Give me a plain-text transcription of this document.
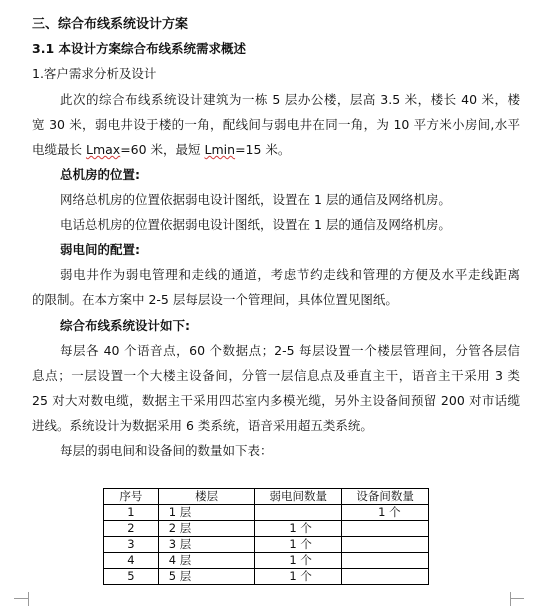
三、综合布线系统设计方案
3.1 本设计方案综合布线系统需求概述
1.客户需求分析及设计
此次的综合布线系统设计建筑为一栋 5 层办公楼，层高 3.5 米，楼长 40 米，楼
宽 30 米，弱电井设于楼的一角，配线间与弱电井在同一角，为 10 平方米小房间,水平
电缆最长 Lmax=60 米，最短 Lmin=15 米。
总机房的位置:
网络总机房的位置依据弱电设计图纸，设置在 1 层的通信及网络机房。
电话总机房的位置依据弱电设计图纸，设置在 1 层的通信及网络机房。
弱电间的配置:
弱电井作为弱电管理和走线的通道，考虑节约走线和管理的方便及水平走线距离
的限制。在本方案中 2-5 层每层设一个管理间，具体位置见图纸。
综合布线系统设计如下:
每层各 40 个语音点，60 个数据点；2-5 每层设置一个楼层管理间，分管各层信
息点；一层设置一个大楼主设备间，分管一层信息点及垂直主干，语音主干采用 3 类
25 对大对数电缆，数据主干采用四芯室内多模光缆，另外主设备间预留 200 对市话缆
进线。系统设计为数据采用 6 类系统，语音采用超五类系统。
每层的弱电间和设备间的数量如下表：
序号	楼层	弱电间数量	设备间数量
1	1 层		1 个
2	2 层	1 个	
3	3 层	1 个	
4	4 层	1 个	
5	5 层	1 个	
